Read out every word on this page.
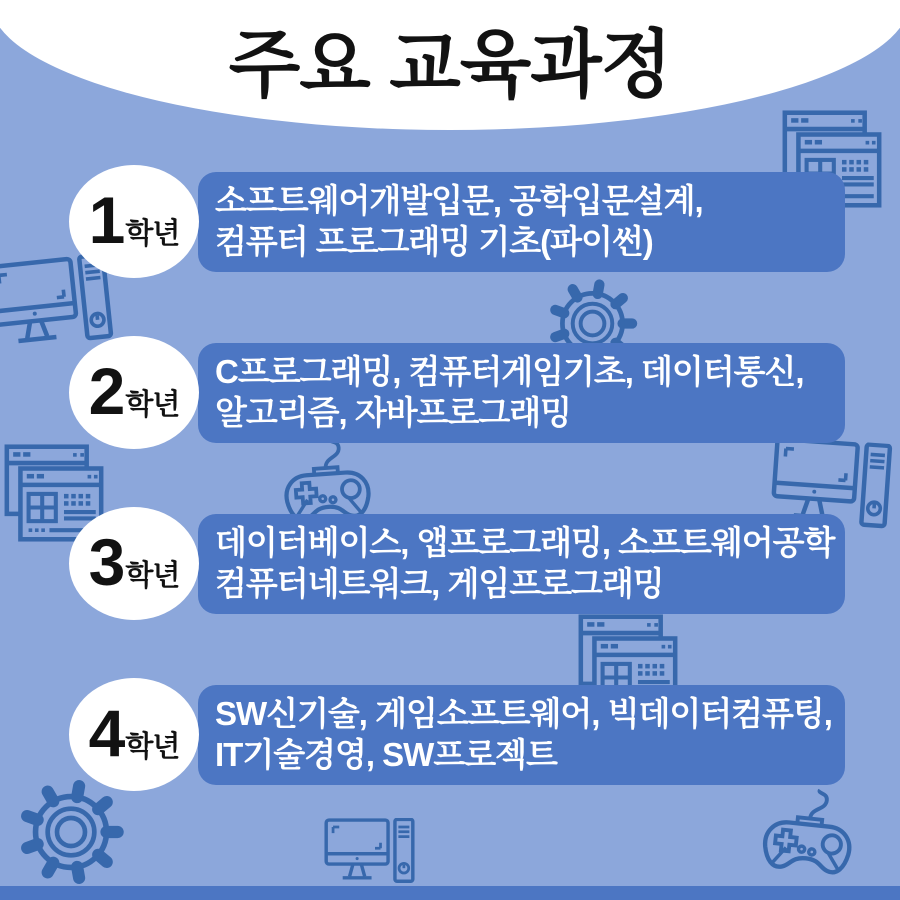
주요 교육과정
소프트웨어개발입문, 공학입문설계,
컴퓨터 프로그래밍 기초(파이썬)
1학년
C프로그래밍, 컴퓨터게임기초, 데이터통신,
알고리즘, 자바프로그래밍
2학년
데이터베이스, 앱프로그래밍, 소프트웨어공학
컴퓨터네트워크, 게임프로그래밍
3학년
SW신기술, 게임소프트웨어, 빅데이터컴퓨팅,
IT기술경영, SW프로젝트
4학년
